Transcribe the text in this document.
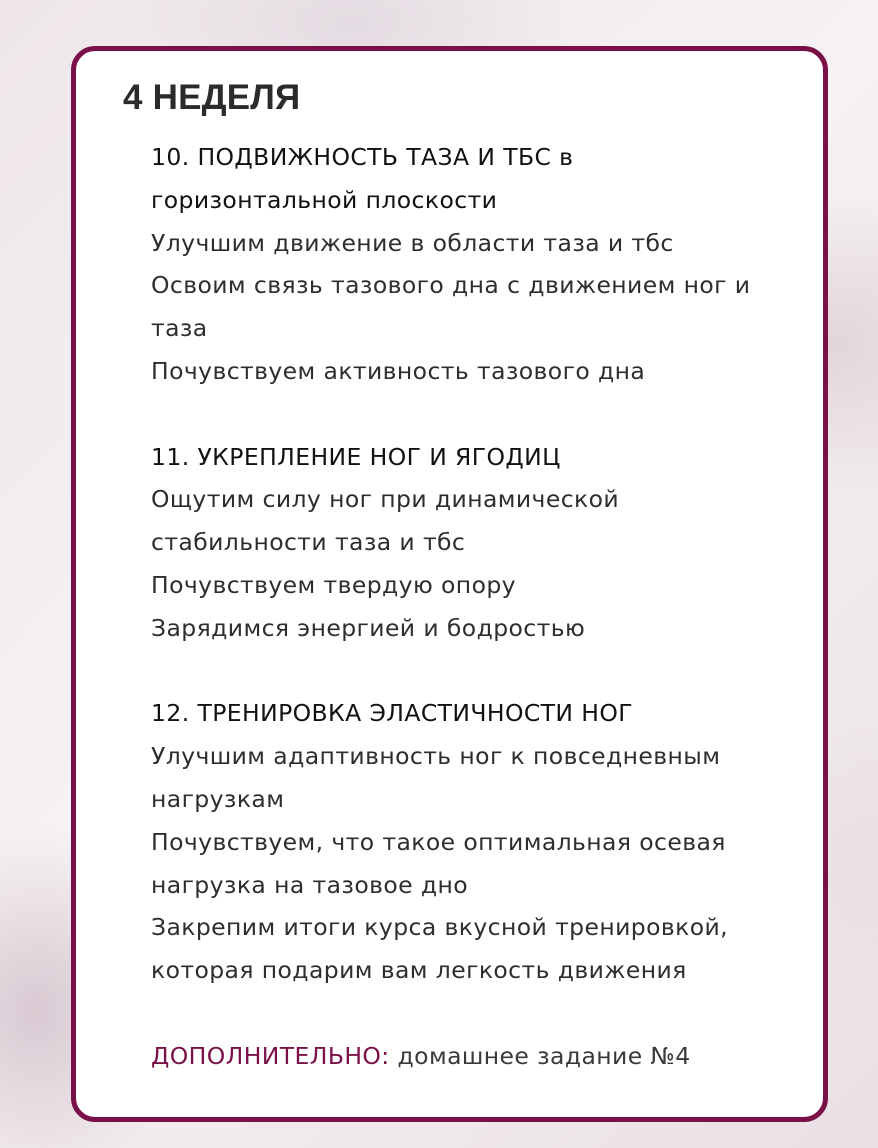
4 НЕДЕЛЯ

10. ПОДВИЖНОСТЬ ТАЗА И ТБС в

горизонтальной плоскости

Улучшим движение в области таза и тбс

Освоим связь тазового дна с движением ног и

таза

Почувствуем активность тазового дна

11. УКРЕПЛЕНИЕ НОГ И ЯГОДИЦ

Ощутим силу ног при динамической

стабильности таза и тбс

Почувствуем твердую опору

Зарядимся энергией и бодростью

12. ТРЕНИРОВКА ЭЛАСТИЧНОСТИ НОГ

Улучшим адаптивность ног к повседневным

нагрузкам

Почувствуем, что такое оптимальная осевая

нагрузка на тазовое дно

Закрепим итоги курса вкусной тренировкой,

которая подарим вам легкость движения

ДОПОЛНИТЕЛЬНО: домашнее задание №4
